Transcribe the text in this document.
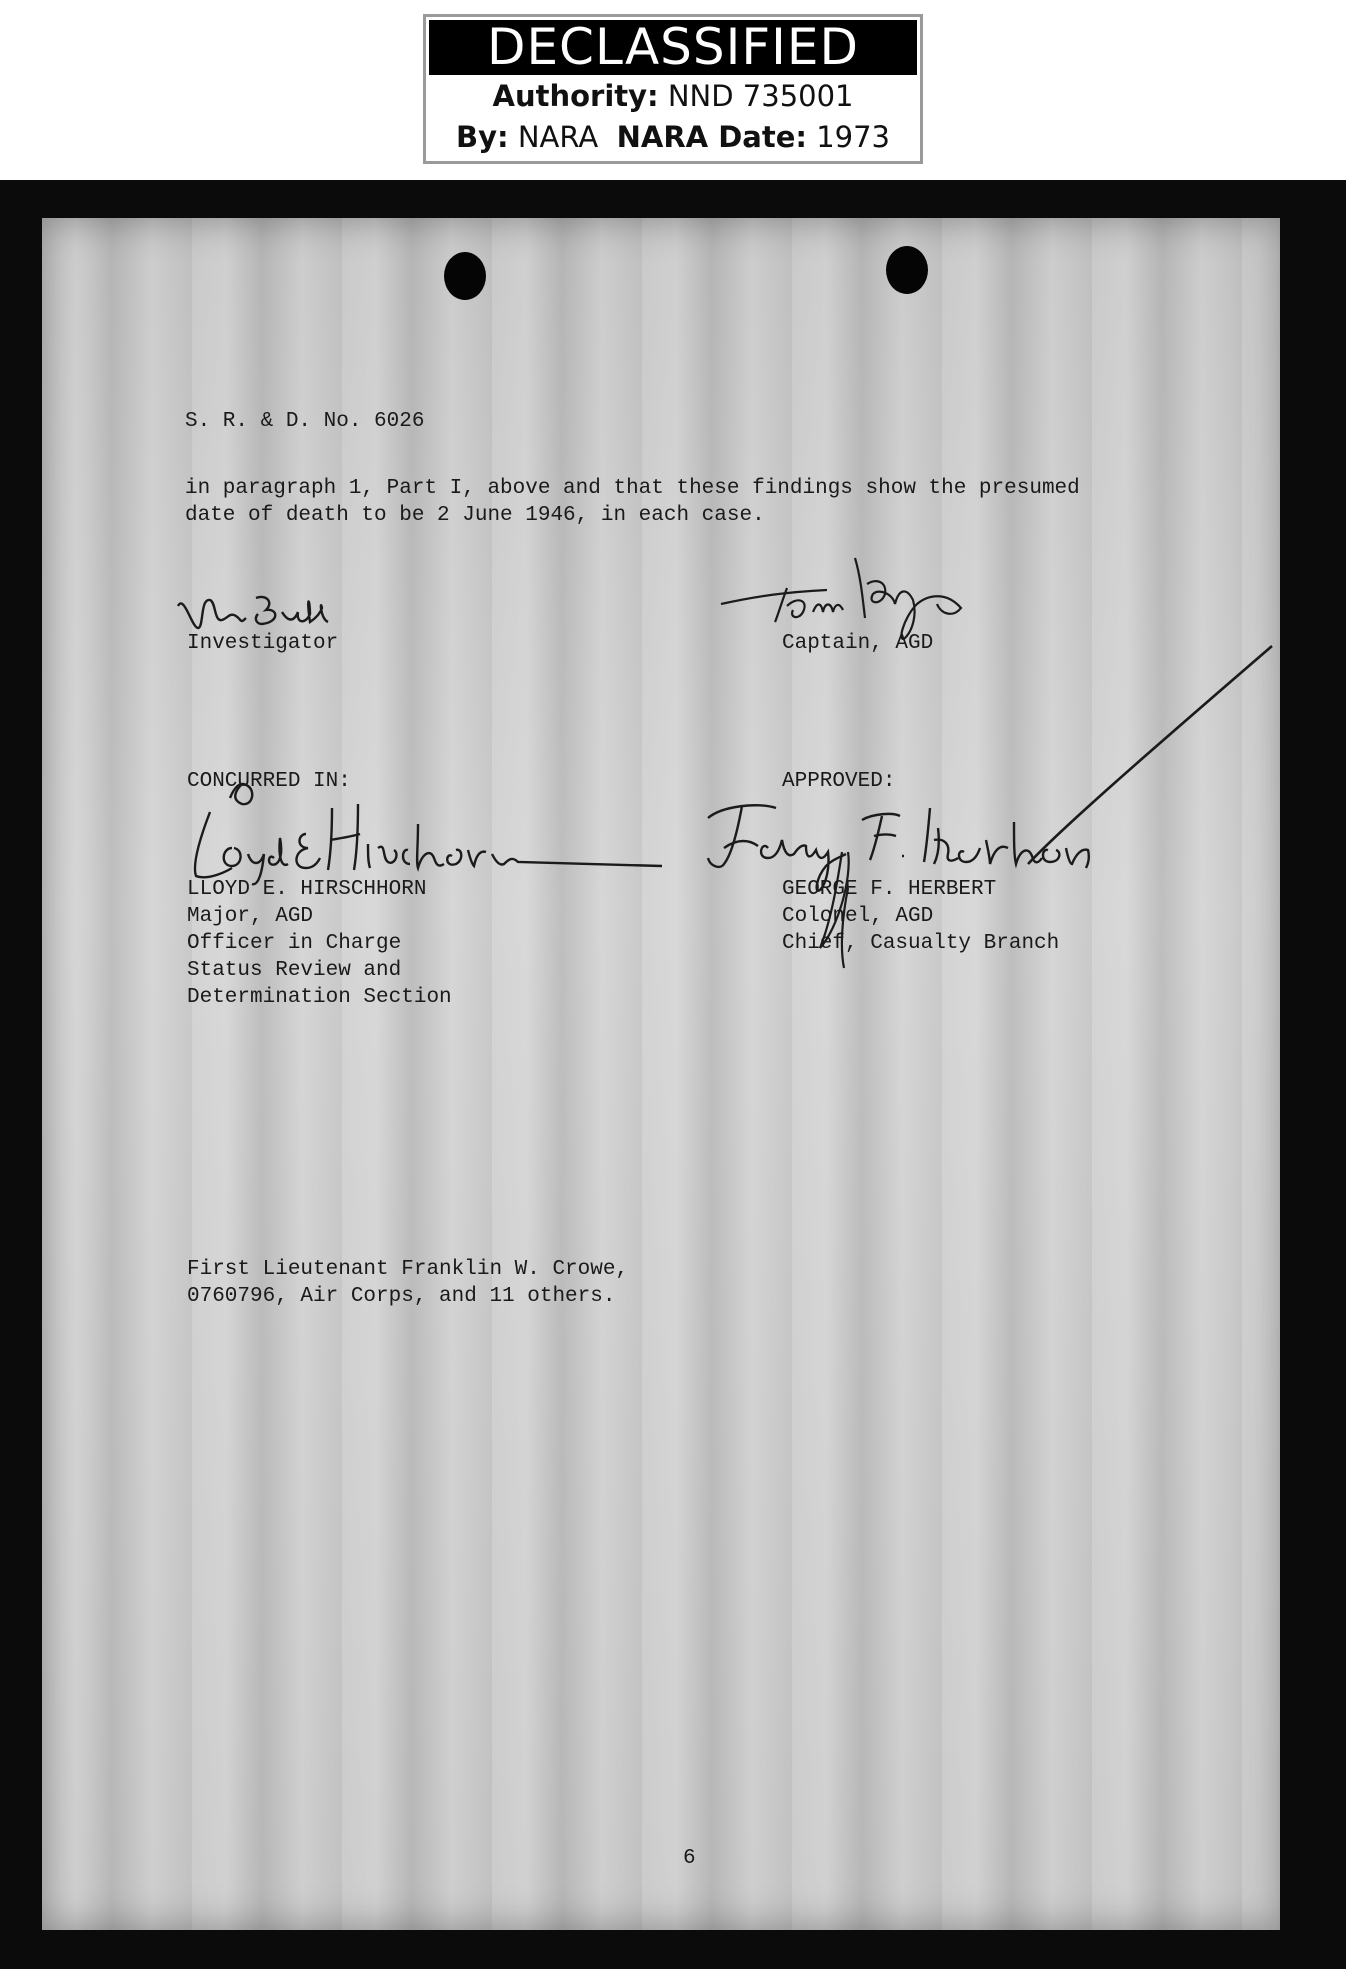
DECLASSIFIED
Authority: NND 735001
By: NARA NARA Date: 1973
S. R. & D. No. 6026
in paragraph 1, Part I, above and that these findings show the presumed
date of death to be 2 June 1946, in each case.
Investigator	Captain, AGD
CONCURRED IN:	APPROVED:
LLOYD E. HIRSCHHORN
Major, AGD
Officer in Charge
Status Review and
Determination Section
GEORGE F. HERBERT
Colonel, AGD
Chief, Casualty Branch
First Lieutenant Franklin W. Crowe,
0760796, Air Corps, and 11 others.
6
